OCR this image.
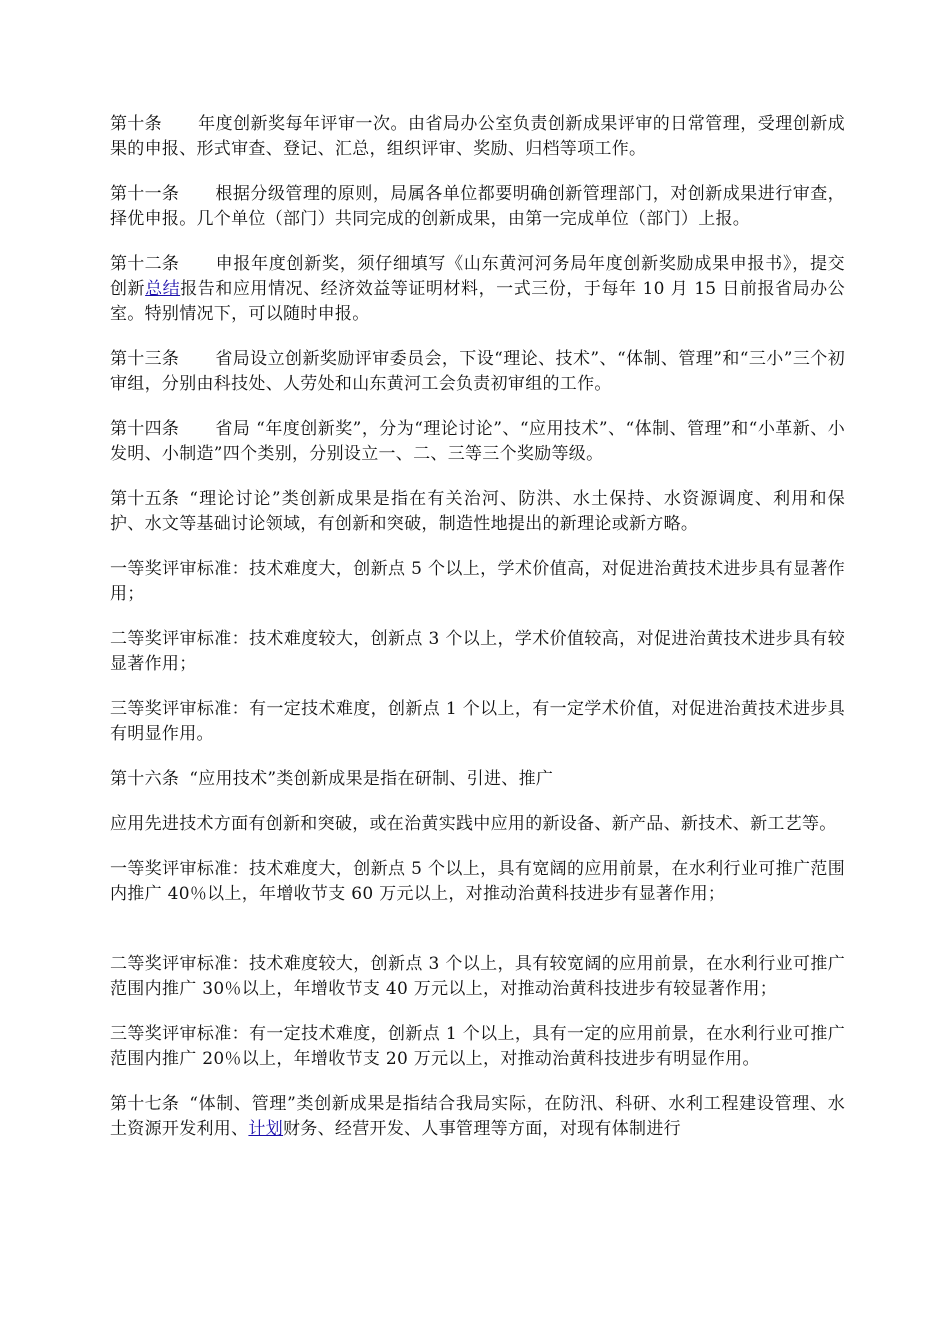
第十条 年度创新奖每年评审一次。由省局办公室负责创新成果评审的日常管理，受理创新成果的申报、形式审查、登记、汇总，组织评审、奖励、归档等项工作。

第十一条 根据分级管理的原则，局属各单位都要明确创新管理部门，对创新成果进行审查，择优申报。几个单位（部门）共同完成的创新成果，由第一完成单位（部门）上报。

第十二条 申报年度创新奖，须仔细填写《山东黄河河务局年度创新奖励成果申报书》，提交创新总结报告和应用情况、经济效益等证明材料，一式三份，于每年 10 月 15 日前报省局办公室。特别情况下，可以随时申报。

第十三条 省局设立创新奖励评审委员会，下设“理论、技术”、“体制、管理”和“三小”三个初审组，分别由科技处、人劳处和山东黄河工会负责初审组的工作。

第十四条 省局 “年度创新奖”，分为“理论讨论”、“应用技术”、“体制、管理”和“小革新、小发明、小制造”四个类别，分别设立一、二、三等三个奖励等级。

第十五条 “理论讨论”类创新成果是指在有关治河、防洪、水土保持、水资源调度、利用和保护、水文等基础讨论领域，有创新和突破，制造性地提出的新理论或新方略。

一等奖评审标准：技术难度大，创新点 5 个以上，学术价值高，对促进治黄技术进步具有显著作用；

二等奖评审标准：技术难度较大，创新点 3 个以上，学术价值较高，对促进治黄技术进步具有较显著作用；

三等奖评审标准：有一定技术难度，创新点 1 个以上，有一定学术价值，对促进治黄技术进步具有明显作用。

第十六条 “应用技术”类创新成果是指在研制、引进、推广

应用先进技术方面有创新和突破，或在治黄实践中应用的新设备、新产品、新技术、新工艺等。

一等奖评审标准：技术难度大，创新点 5 个以上，具有宽阔的应用前景，在水利行业可推广范围内推广 40％以上，年增收节支 60 万元以上，对推动治黄科技进步有显著作用；

二等奖评审标准：技术难度较大，创新点 3 个以上，具有较宽阔的应用前景，在水利行业可推广范围内推广 30％以上，年增收节支 40 万元以上，对推动治黄科技进步有较显著作用；

三等奖评审标准：有一定技术难度，创新点 1 个以上，具有一定的应用前景，在水利行业可推广范围内推广 20％以上，年增收节支 20 万元以上，对推动治黄科技进步有明显作用。

第十七条 “体制、管理”类创新成果是指结合我局实际，在防汛、科研、水利工程建设管理、水土资源开发利用、计划财务、经营开发、人事管理等方面，对现有体制进行
